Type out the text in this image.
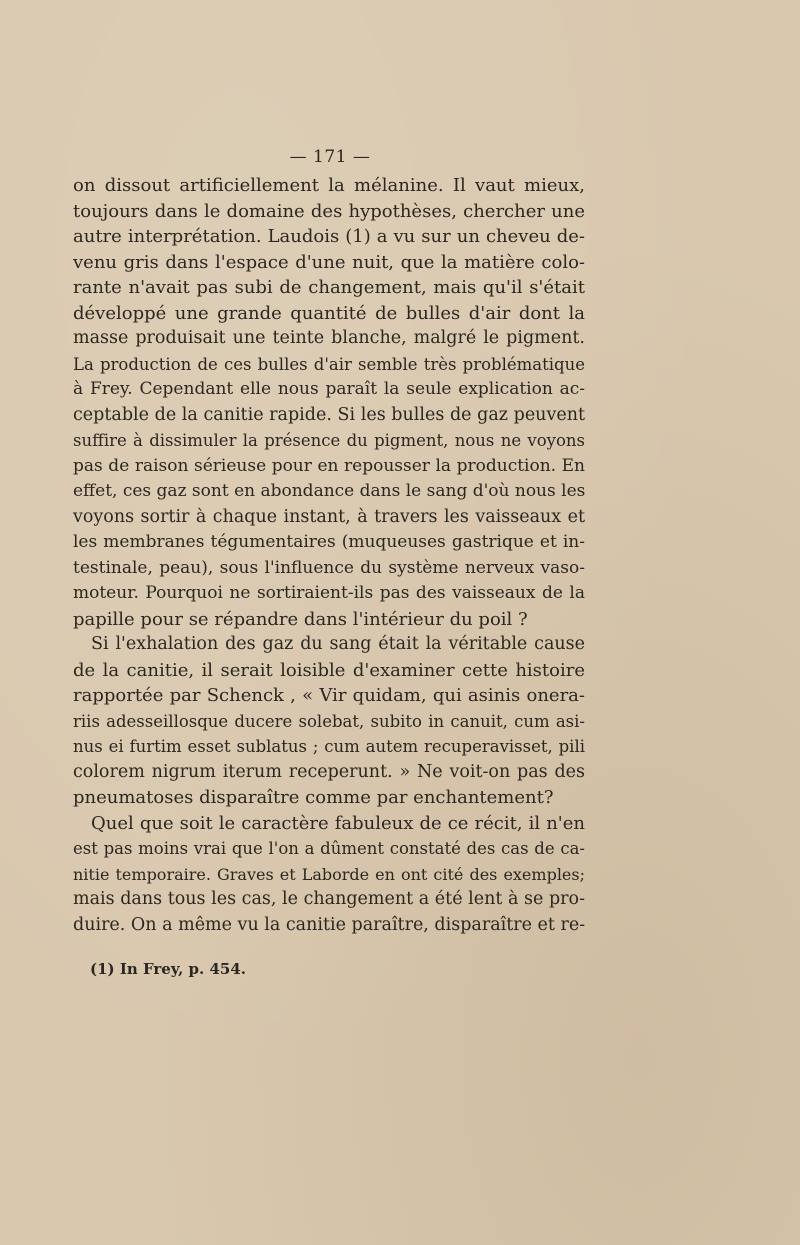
— 171 —
on dissout artificiellement la mélanine. Il vaut mieux,
toujours dans le domaine des hypothèses, chercher une
autre interprétation. Laudois (1) a vu sur un cheveu de-
venu gris dans l'espace d'une nuit, que la matière colo-
rante n'avait pas subi de changement, mais qu'il s'était
développé une grande quantité de bulles d'air dont la
masse produisait une teinte blanche, malgré le pigment.
La production de ces bulles d'air semble très problématique
à Frey. Cependant elle nous paraît la seule explication ac-
ceptable de la canitie rapide. Si les bulles de gaz peuvent
suffire à dissimuler la présence du pigment, nous ne voyons
pas de raison sérieuse pour en repousser la production. En
effet, ces gaz sont en abondance dans le sang d'où nous les
voyons sortir à chaque instant, à travers les vaisseaux et
les membranes tégumentaires (muqueuses gastrique et in-
testinale, peau), sous l'influence du système nerveux vaso-
moteur. Pourquoi ne sortiraient-ils pas des vaisseaux de la
papille pour se répandre dans l'intérieur du poil ?
Si l'exhalation des gaz du sang était la véritable cause
de la canitie, il serait loisible d'examiner cette histoire
rapportée par Schenck , « Vir quidam, qui asinis onera-
riis adesseillosque ducere solebat, subito in canuit, cum asi-
nus ei furtim esset sublatus ; cum autem recuperavisset, pili
colorem nigrum iterum receperunt. » Ne voit-on pas des
pneumatoses disparaître comme par enchantement?
Quel que soit le caractère fabuleux de ce récit, il n'en
est pas moins vrai que l'on a dûment constaté des cas de ca-
nitie temporaire. Graves et Laborde en ont cité des exemples;
mais dans tous les cas, le changement a été lent à se pro-
duire. On a même vu la canitie paraître, disparaître et re-
(1) In Frey, p. 454.
